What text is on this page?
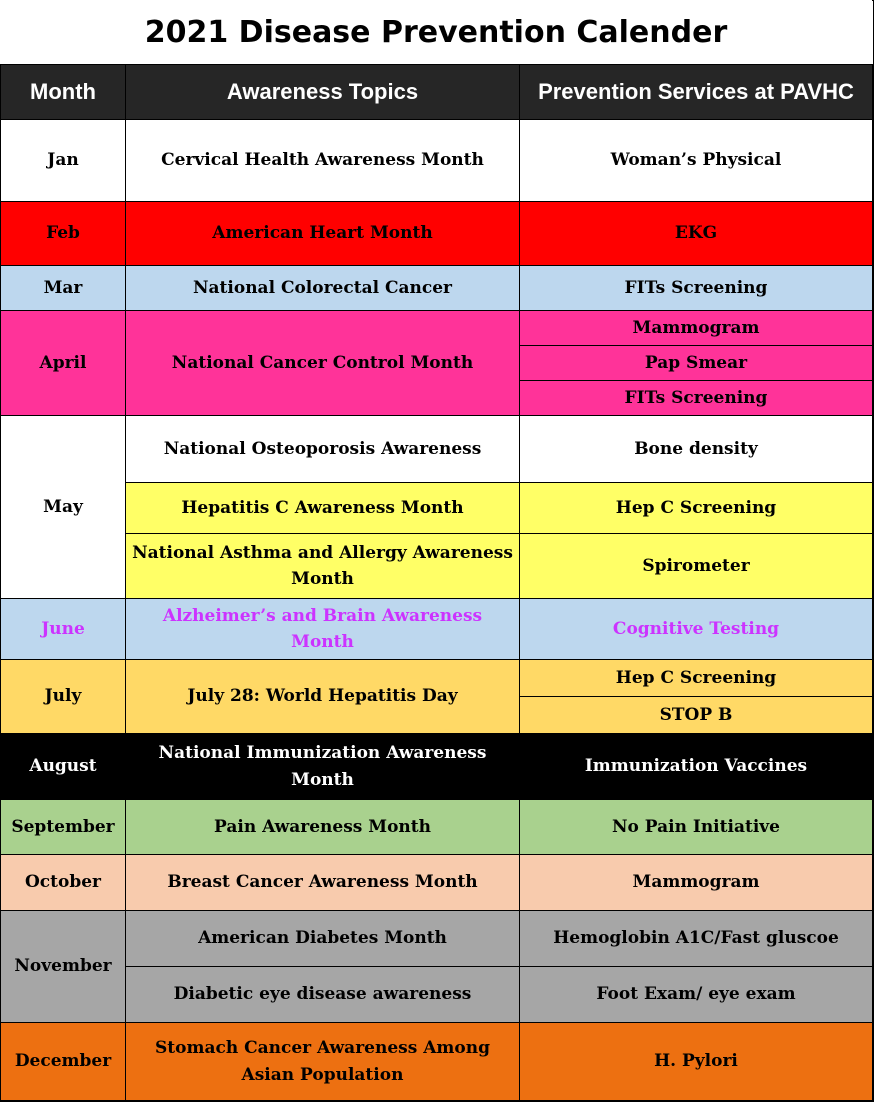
2021 Disease Prevention Calender
Month	Awareness Topics	Prevention Services at PAVHC
Jan	Cervical Health Awareness Month	Woman’s Physical
Feb	American Heart Month	EKG
Mar	National Colorectal Cancer	FITs Screening
April	National Cancer Control Month	Mammogram
		Pap Smear
		FITs Screening
May	National Osteoporosis Awareness	Bone density
	Hepatitis C Awareness Month	Hep C Screening
	National Asthma and Allergy Awareness Month	Spirometer
June	Alzheimer’s and Brain Awareness Month	Cognitive Testing
July	July 28: World Hepatitis Day	Hep C Screening
		STOP B
August	National Immunization Awareness Month	Immunization Vaccines
September	Pain Awareness Month	No Pain Initiative
October	Breast Cancer Awareness Month	Mammogram
November	American Diabetes Month	Hemoglobin A1C/Fast gluscoe
	Diabetic eye disease awareness	Foot Exam/ eye exam
December	Stomach Cancer Awareness Among Asian Population	H. Pylori
